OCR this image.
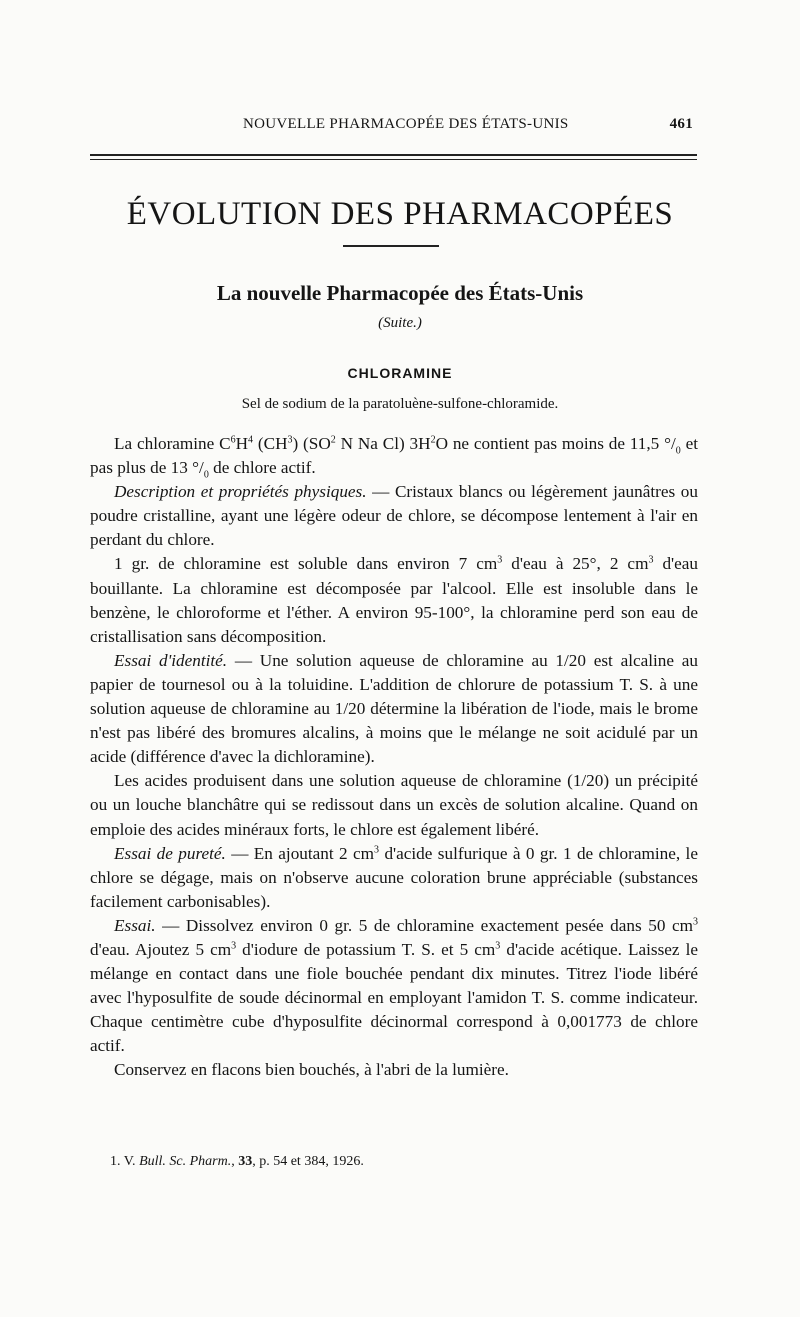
NOUVELLE PHARMACOPÉE DES ÉTATS-UNIS	461
ÉVOLUTION DES PHARMACOPÉES
La nouvelle Pharmacopée des États-Unis
(Suite.)
CHLORAMINE
Sel de sodium de la paratoluène-sulfone-chloramide.

La chloramine $C^6H^4$ $(CH^3)$ ($SO^2$ N Na Cl) $3H^2O$ ne contient pas moins de 11,5 $^\circ/_0$ et pas plus de 13 $^\circ/_0$ de chlore actif.

Description et propriétés physiques. — Cristaux blancs ou légèrement jaunâtres ou poudre cristalline, ayant une légère odeur de chlore, se décompose lentement à l'air en perdant du chlore.

1 gr. de chloramine est soluble dans environ 7 $cm^3$ d'eau à 25°, 2 $cm^3$ d'eau bouillante. La chloramine est décomposée par l'alcool. Elle est insoluble dans le benzène, le chloroforme et l'éther. A environ 95-100°, la chloramine perd son eau de cristallisation sans décomposition.

Essai d'identité. — Une solution aqueuse de chloramine au 1/20 est alcaline au papier de tournesol ou à la toluidine. L'addition de chlorure de potassium T. S. à une solution aqueuse de chloramine au 1/20 détermine la libération de l'iode, mais le brome n'est pas libéré des bromures alcalins, à moins que le mélange ne soit acidulé par un acide (différence d'avec la dichloramine).

Les acides produisent dans une solution aqueuse de chloramine (1/20) un précipité ou un louche blanchâtre qui se redissout dans un excès de solution alcaline. Quand on emploie des acides minéraux forts, le chlore est également libéré.

Essai de pureté. — En ajoutant 2 $cm^3$ d'acide sulfurique à 0 gr. 1 de chloramine, le chlore se dégage, mais on n'observe aucune coloration brune appréciable (substances facilement carbonisables).

Essai. — Dissolvez environ 0 gr. 5 de chloramine exactement pesée dans 50 $cm^3$ d'eau. Ajoutez 5 $cm^3$ d'iodure de potassium T. S. et 5 $cm^3$ d'acide acétique. Laissez le mélange en contact dans une fiole bouchée pendant dix minutes. Titrez l'iode libéré avec l'hyposulfite de soude décinormal en employant l'amidon T. S. comme indicateur. Chaque centimètre cube d'hyposulfite décinormal correspond à 0,001773 de chlore actif.

Conservez en flacons bien bouchés, à l'abri de la lumière.

1. V. Bull. Sc. Pharm., 33, p. 54 et 384, 1926.
